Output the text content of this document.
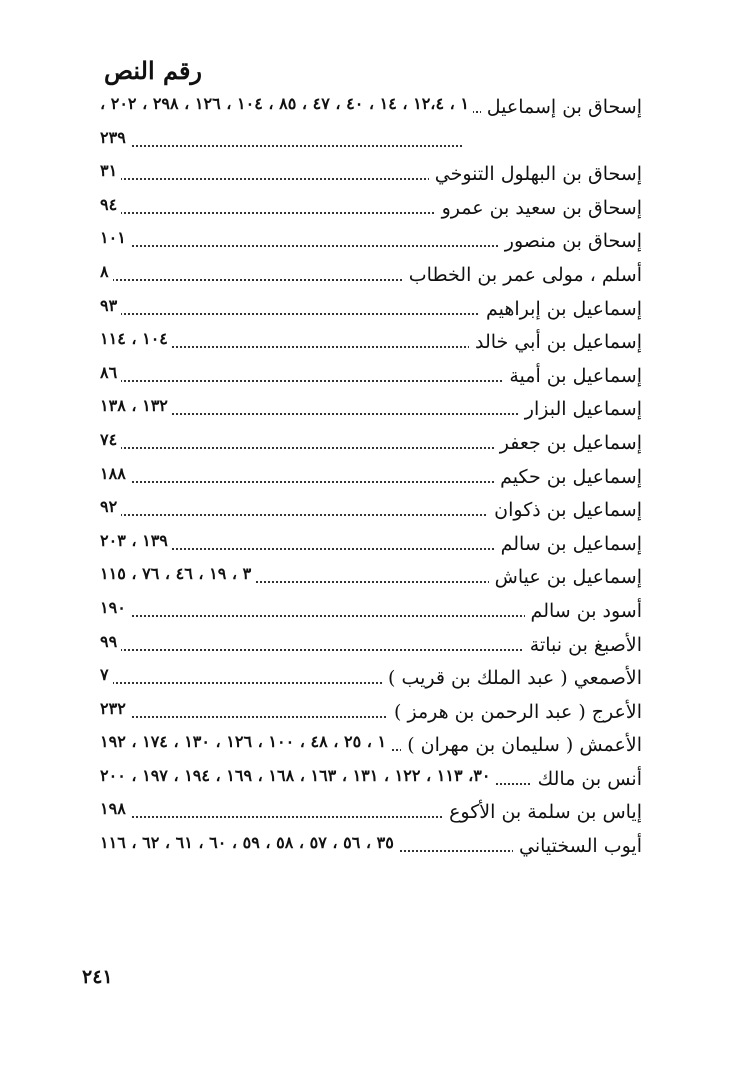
رقم النص
إسحاق بن إسماعيل
١ ، ١٢،٤ ، ١٤ ، ٤٠ ، ٤٧ ، ٨٥ ، ١٠٤ ، ١٢٦ ، ٢٩٨ ، ٢٠٢ ،
٢٣٩
إسحاق بن البهلول التنوخي
٣١
إسحاق بن سعيد بن عمرو
٩٤
إسحاق بن منصور
١٠١
أسلم ، مولى عمر بن الخطاب
٨
إسماعيل بن إبراهيم
٩٣
إسماعيل بن أبي خالد
١٠٤ ، ١١٤
إسماعيل بن أمية
٨٦
إسماعيل البزار
١٣٢ ، ١٣٨
إسماعيل بن جعفر
٧٤
إسماعيل بن حكيم
١٨٨
إسماعيل بن ذكوان
٩٢
إسماعيل بن سالم
١٣٩ ، ٢٠٣
إسماعيل بن عياش
٣ ، ١٩ ، ٤٦ ، ٧٦ ، ١١٥
أسود بن سالم
١٩٠
الأصبغ بن نباتة
٩٩
الأصمعي ( عبد الملك بن قريب )
٧
الأعرج ( عبد الرحمن بن هرمز )
٢٣٢
الأعمش ( سليمان بن مهران )
١ ، ٢٥ ، ٤٨ ، ١٠٠ ، ١٢٦ ، ١٣٠ ، ١٧٤ ، ١٩٢
أنس بن مالك
٣٠، ١١٣ ، ١٢٢ ، ١٣١ ، ١٦٣ ، ١٦٨ ، ١٦٩ ، ١٩٤ ، ١٩٧ ، ٢٠٠
إياس بن سلمة بن الأكوع
١٩٨
أيوب السختياني
٣٥ ، ٥٦ ، ٥٧ ، ٥٨ ، ٥٩ ، ٦٠ ، ٦١ ، ٦٢ ، ١١٦
٢٤١
